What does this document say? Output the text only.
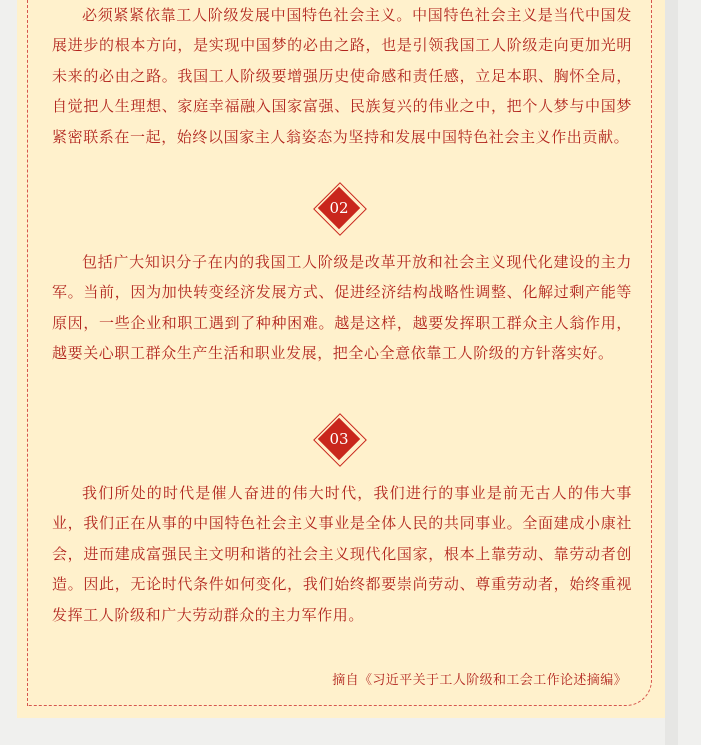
必须紧紧依靠工人阶级发展中国特色社会主义。中国特色社会主义是当代中国发展进步的根本方向，是实现中国梦的必由之路，也是引领我国工人阶级走向更加光明未来的必由之路。我国工人阶级要增强历史使命感和责任感，立足本职、胸怀全局，自觉把人生理想、家庭幸福融入国家富强、民族复兴的伟业之中，把个人梦与中国梦紧密联系在一起，始终以国家主人翁姿态为坚持和发展中国特色社会主义作出贡献。

02

包括广大知识分子在内的我国工人阶级是改革开放和社会主义现代化建设的主力军。当前，因为加快转变经济发展方式、促进经济结构战略性调整、化解过剩产能等原因，一些企业和职工遇到了种种困难。越是这样，越要发挥职工群众主人翁作用，越要关心职工群众生产生活和职业发展，把全心全意依靠工人阶级的方针落实好。

03

我们所处的时代是催人奋进的伟大时代，我们进行的事业是前无古人的伟大事业，我们正在从事的中国特色社会主义事业是全体人民的共同事业。全面建成小康社会，进而建成富强民主文明和谐的社会主义现代化国家，根本上靠劳动、靠劳动者创造。因此，无论时代条件如何变化，我们始终都要崇尚劳动、尊重劳动者，始终重视发挥工人阶级和广大劳动群众的主力军作用。

摘自《习近平关于工人阶级和工会工作论述摘编》
